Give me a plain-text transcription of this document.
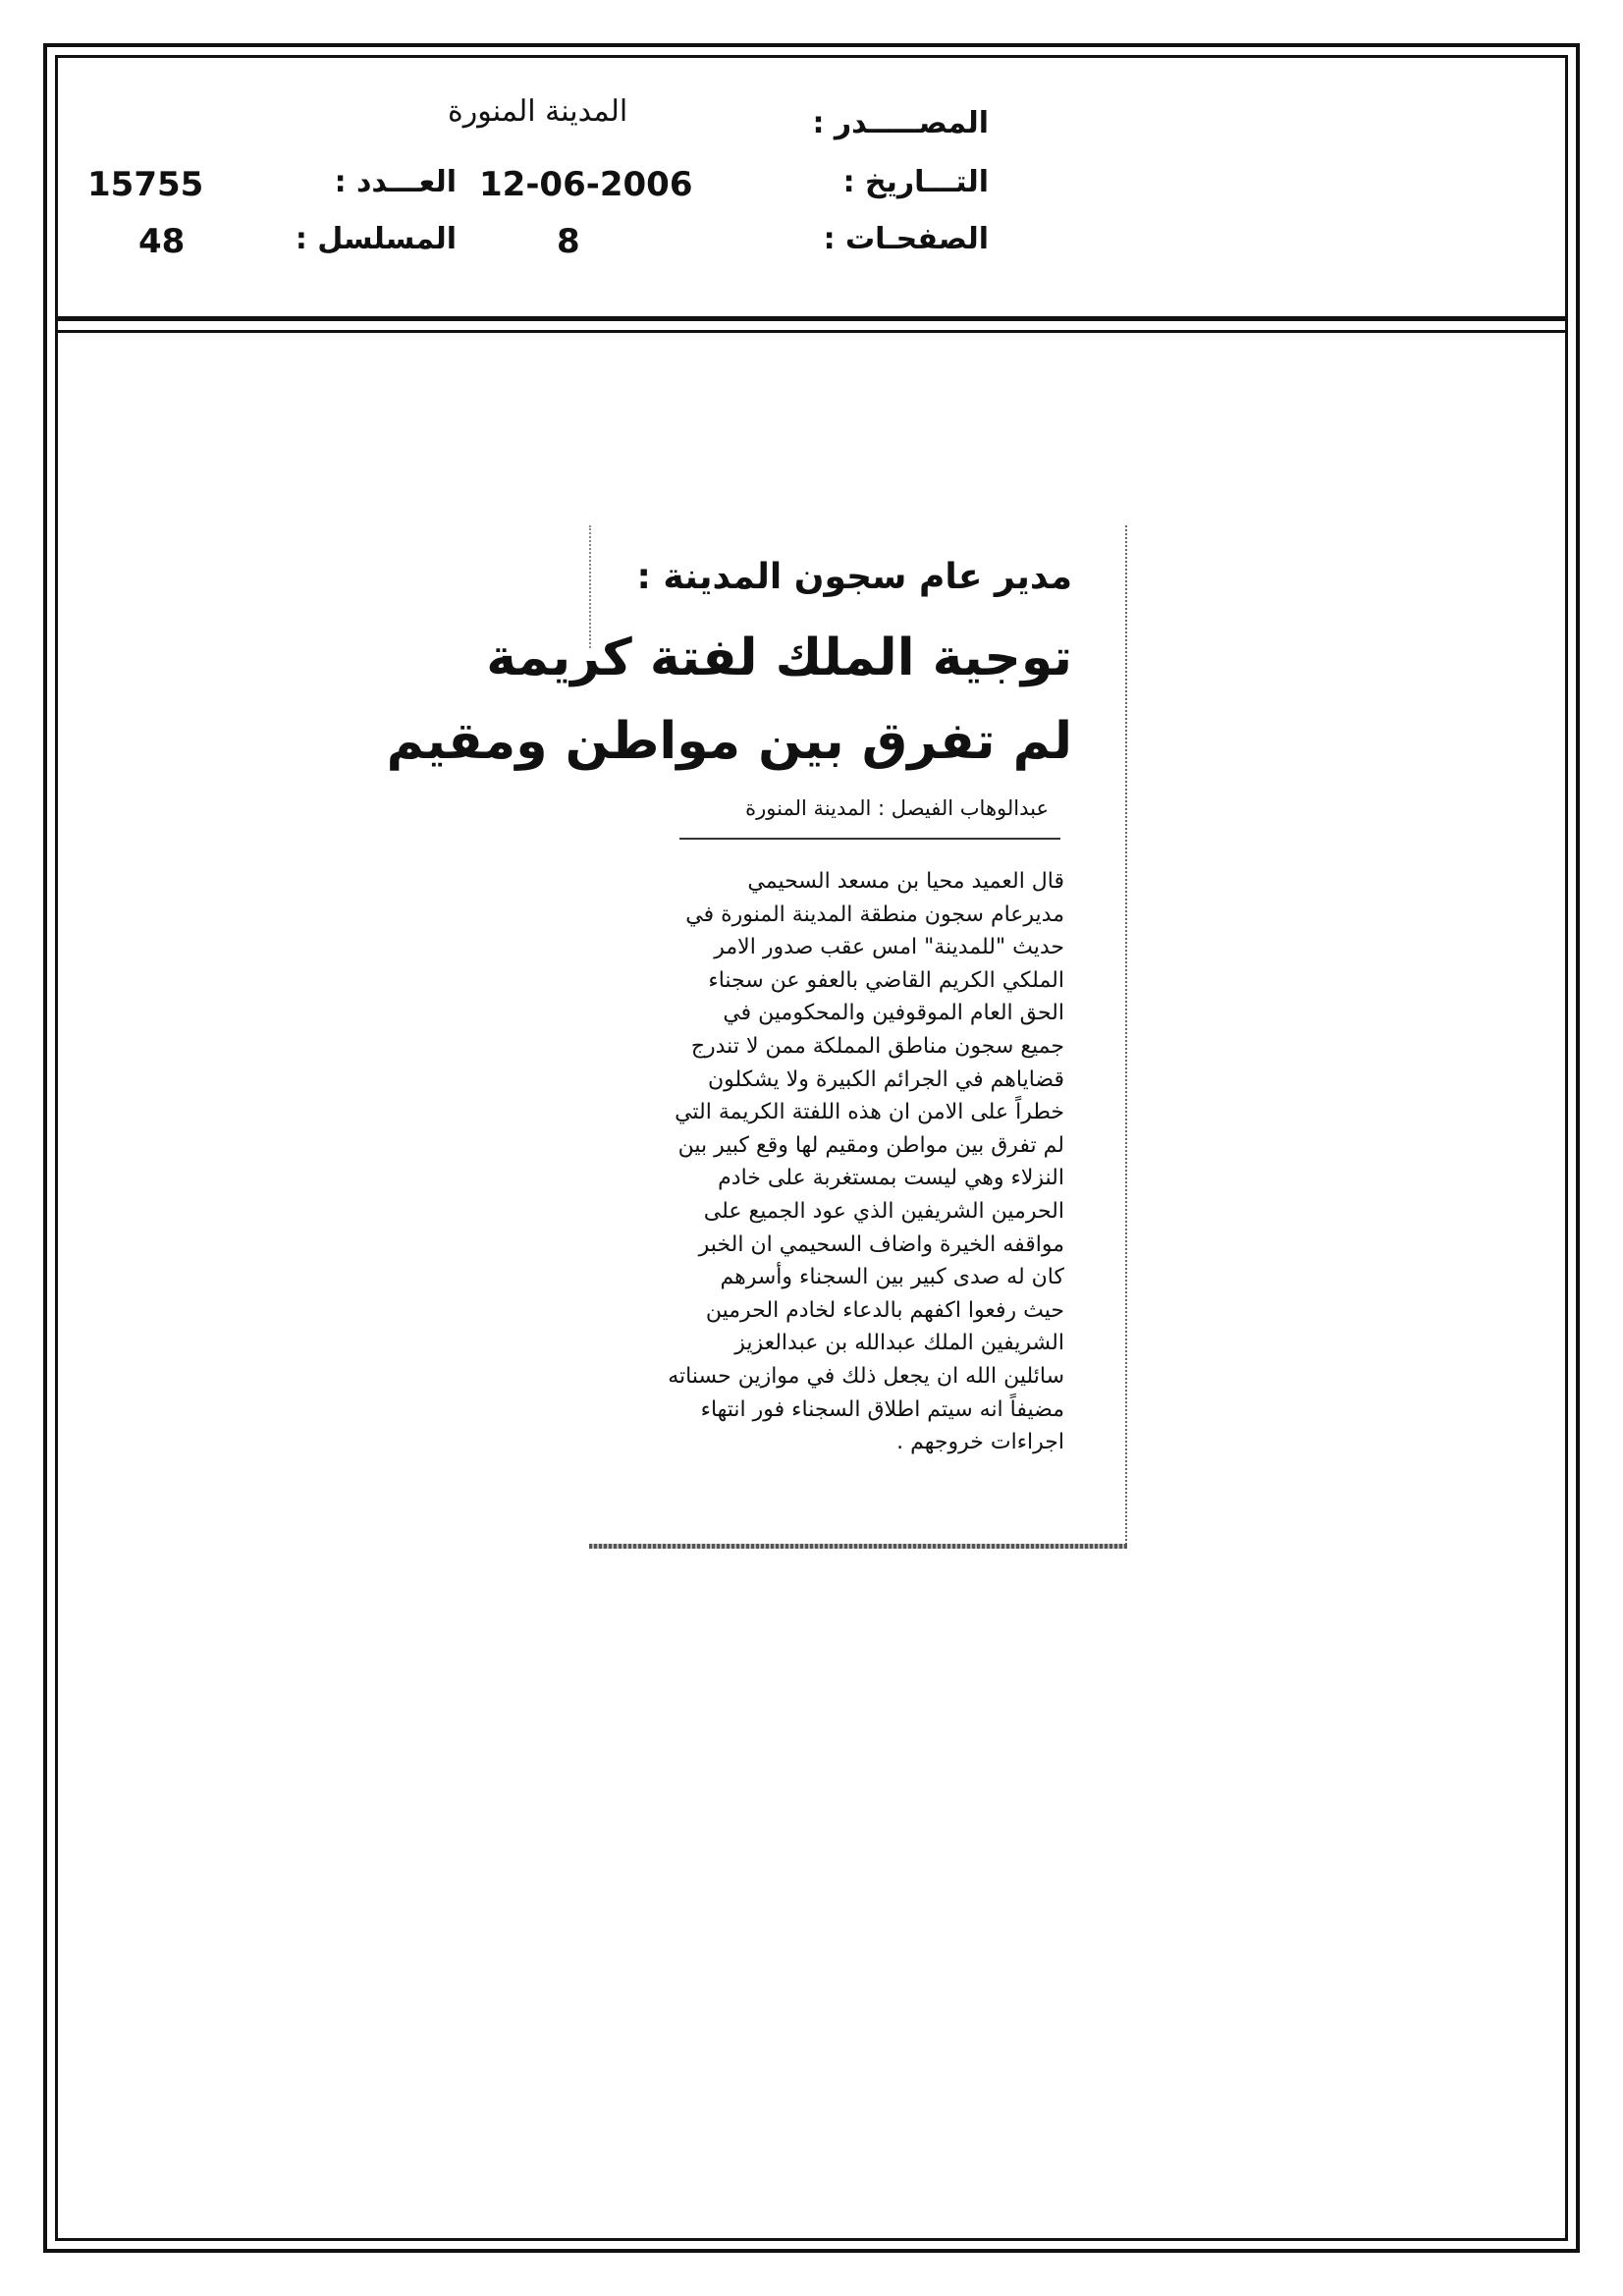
المصـــــدر :
التـــاريخ :
الصفحـات :
المدينة المنورة
12-06-2006
8
العـــدد :
المسلسل :
15755
48
مدير عام سجون المدينة :
توجية الملك لفتة كريمة
لم تفرق بين مواطن ومقيم
عبدالوهاب الفيصل : المدينة المنورة
قال العميد محيا بن مسعد السحيمي
مديرعام سجون منطقة المدينة المنورة في
حديث "للمدينة" امس عقب صدور الامر
الملكي الكريم القاضي بالعفو عن سجناء
الحق العام الموقوفين والمحكومين في
جميع سجون مناطق المملكة ممن لا تندرج
قضاياهم في الجرائم الكبيرة ولا يشكلون
خطراً على الامن ان هذه اللفتة الكريمة التي
لم تفرق بين مواطن ومقيم لها وقع كبير بين
النزلاء وهي ليست بمستغربة على خادم
الحرمين الشريفين الذي عود الجميع على
مواقفه الخيرة واضاف السحيمي ان الخبر
كان له صدى كبير بين السجناء وأسرهم
حيث رفعوا اكفهم بالدعاء لخادم الحرمين
الشريفين الملك عبدالله بن عبدالعزيز
سائلين الله ان يجعل ذلك في موازين حسناته
مضيفاً انه سيتم اطلاق السجناء فور انتهاء
اجراءات خروجهم .
